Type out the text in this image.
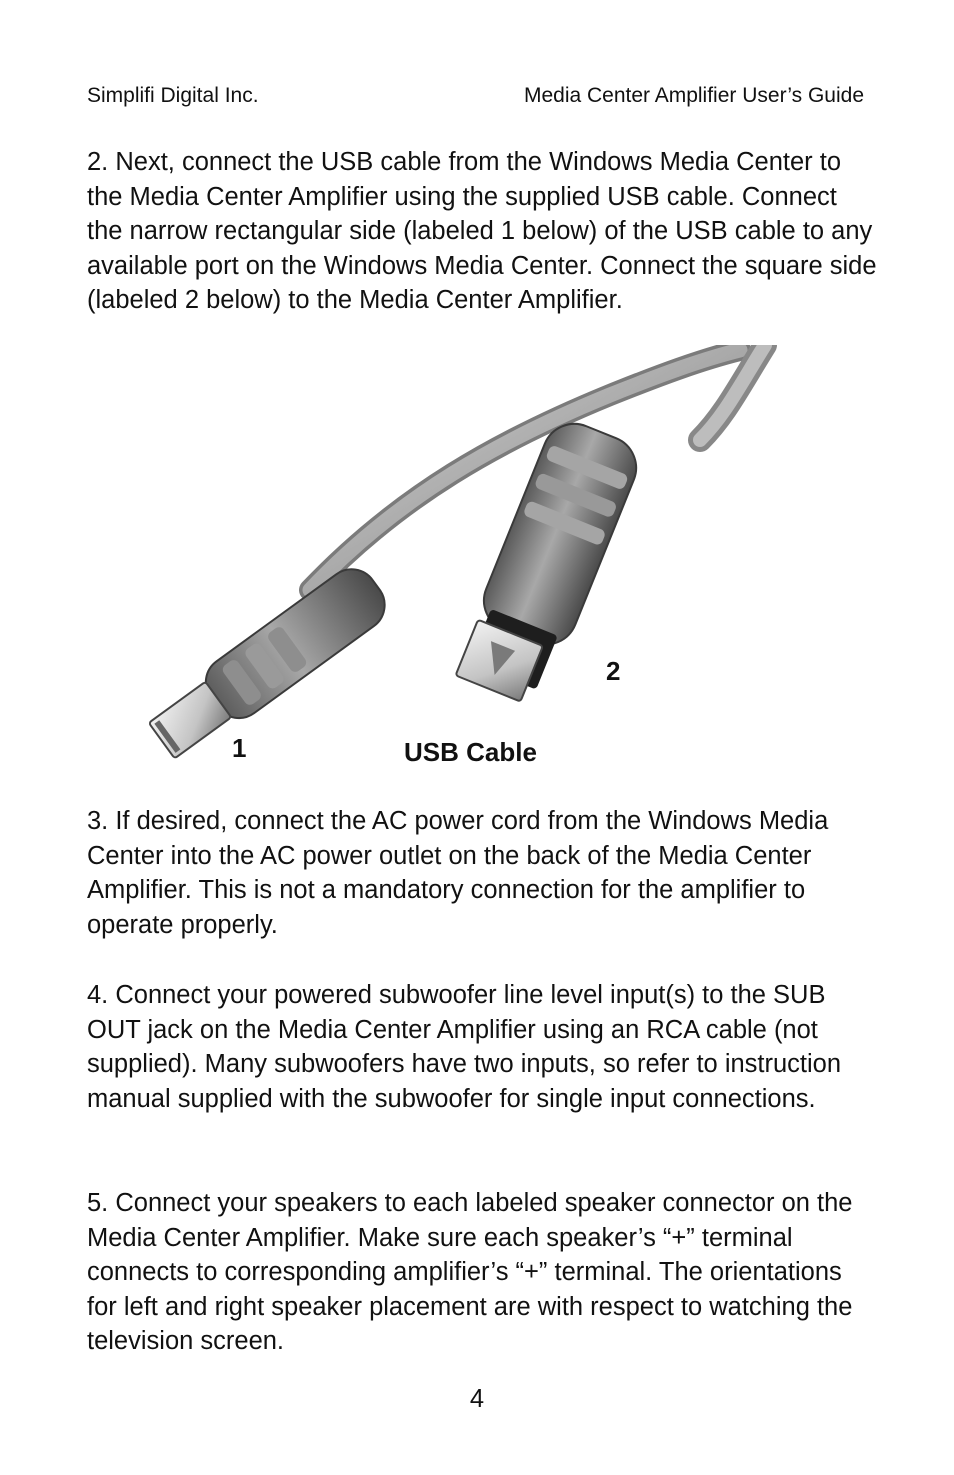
Simplifi Digital Inc.	Media Center Amplifier User’s Guide

2. Next, connect the USB cable from the Windows Media Center to the Media Center Amplifier using the supplied USB cable. Connect the narrow rectangular side (labeled 1 below) of the USB cable to any available port on the Windows Media Center. Connect the square side (labeled 2 below) to the Media Center Amplifier.

1
2
USB Cable

3. If desired, connect the AC power cord from the Windows Media Center into the AC power outlet on the back of the Media Center Amplifier. This is not a mandatory connection for the amplifier to operate properly.

4. Connect your powered subwoofer line level input(s) to the SUB OUT jack on the Media Center Amplifier using an RCA cable (not supplied). Many subwoofers have two inputs, so refer to instruction manual supplied with the subwoofer for single input connections.

5. Connect your speakers to each labeled speaker connector on the Media Center Amplifier. Make sure each speaker’s “+” terminal connects to corresponding amplifier’s “+” terminal. The orientations for left and right speaker placement are with respect to watching the television screen.

4
